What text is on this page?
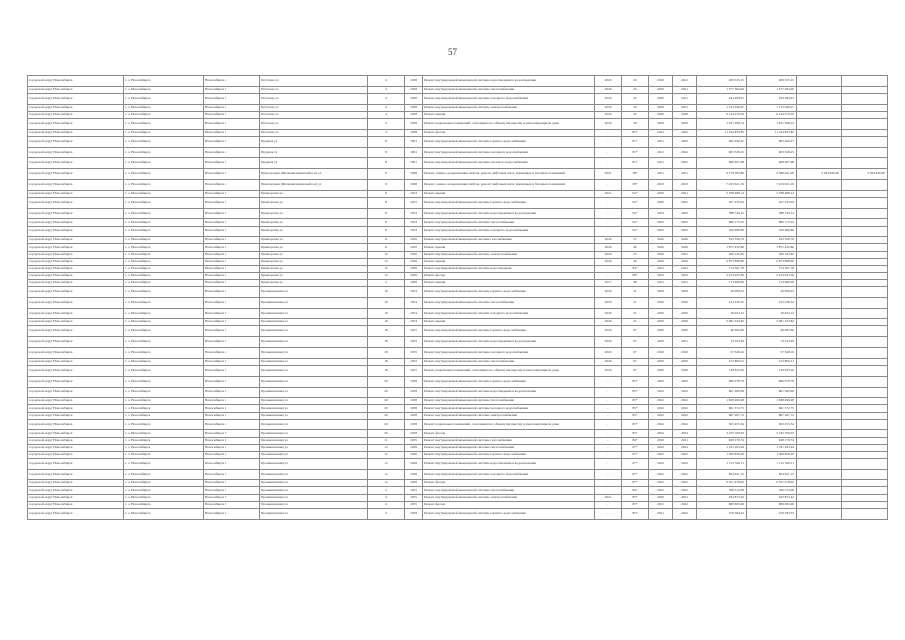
57
городской округ Новосибирск	г. о. Новосибирск	Новосибирск г	Петухова ул	4	1958	Ремонт внутридомовой инженерной системы водоотведения в водоотведения	2020	45	2020	2021	209 535,15	209 535,15		
городской округ Новосибирск	г. о. Новосибирск	Новосибирск г	Петухова ул	4	1958	Ремонт внутридомовой инженерной системы теплоснабжения	2020	45	2020	2021	1 577 364,00	1 577 364,00		
городской округ Новосибирск	г. о. Новосибирск	Новосибирск г	Петухова ул	4	1958	Ремонт внутридомовой инженерной системы холодного водоснабжения	2020	45	2020	2021	434 284,01	434 284,01		
городской округ Новосибирск	г. о. Новосибирск	Новосибирск г	Петухова ул	4	1958	Ремонт внутридомовой инженерной системы электроснабжения	2020	45	2020	2021	1 135 046,07	1 135 046,07		
городской округ Новосибирск	г. о. Новосибирск	Новосибирск г	Петухова ул	4	1958	Ремонт крыши	2020	45	2020	2026	6 144 279,16	6 144 279,16		
городской округ Новосибирск	г. о. Новосибирск	Новосибирск г	Петухова ул	4	1958	Ремонт подвальных помещений, относящихся к общему имуществу в многоквартирном доме	2020	39	2020	2026	1 811 598,14	1 811 598,14		
городской округ Новосибирск	г. о. Новосибирск	Новосибирск г	Петухова ул	4	1958	Ремонт фасада	-	85*	2021	2022	11 194 833,85	11 194 833,85		
городской округ Новосибирск	г. о. Новосибирск	Новосибирск г	Прудная ул	8	1961	Ремонт внутридомовой инженерной системы горячего водоснабжения	-	81*	2021	2022	962 490,47	962 490,47		
городской округ Новосибирск	г. о. Новосибирск	Новосибирск г	Прудная ул	8	1961	Ремонт внутридомовой инженерной системы холодного водоснабжения	-	81*	2021	2022	603 528,25	603 528,25		
городской округ Новосибирск	г. о. Новосибирск	Новосибирск г	Прудная ул	8	1961	Ремонт внутридомовой инженерной системы теплового водоснабжения	-	81*	2021	2022	908 467,98	908 467,98		
городской округ Новосибирск	г. о. Новосибирск	Новосибирск г	Пригородная (Шелковичихинский р-н) ул	6	1998	Ремонт, замена, модернизация лифтов, ремонт лифтовых шахт, машинных и блочных помещений	2021	38*	2021	2021	9 179 283,80	4 589 641,90	2 294 820,90	2 294 820,90
городской округ Новосибирск	г. о. Новосибирск	Новосибирск г	Пригородная (Шелковичихинский р-н) ул	6	1998	Ремонт, замена, модернизация лифтов, ремонт лифтовых шахт, машинных и блочных помещений	-	38*	2023	2023	7 223 621,19	7 223 621,19		
городской округ Новосибирск	г. о. Новосибирск	Новосибирск г	Приморская ул	8	1953	Ремонт крыши	2021	92*	2020	2021	2 798 488,14	2 798 488,14		
городской округ Новосибирск	г. о. Новосибирск	Новосибирск г	Приморская ул	8	1953	Ремонт внутридомовой инженерной системы горячего водоснабжения	-	92*	2020	2022	207 235,04	207 235,04		
городской округ Новосибирск	г. о. Новосибирск	Новосибирск г	Приморская ул	8	1953	Ремонт внутридомовой инженерной системы водоотведения в водоотведения	-	92*	2023	2022	388 749,12	388 749,12		
городской округ Новосибирск	г. о. Новосибирск	Новосибирск г	Приморская ул	8	1953	Ремонт внутридомовой инженерной системы теплоснабжения	-	92*	2022	2022	880 175,55	880 175,55		
городской округ Новосибирск	г. о. Новосибирск	Новосибирск г	Приморская ул	8	1953	Ремонт внутридомовой инженерной системы холодного водоснабжения	-	92*	2022	2022	320 486,89	320 486,89		
городской округ Новосибирск	г. о. Новосибирск	Новосибирск г	Приморская ул	11	1956	Ремонт внутридомовой инженерной системы газоснабжения	2020	37	2020	2026	193 326,76	193 326,76		
городской округ Новосибирск	г. о. Новосибирск	Новосибирск г	Приморская ул	11	1956	Ремонт крыши	2020	40	2020	2026	1 871 432,86	1 871 432,86		
городской округ Новосибирск	г. о. Новосибирск	Новосибирск г	Приморская ул	12	1956	Ремонт внутридомовой инженерной системы электроснабжения	2020	25	2020	2021	290 142,65	290 142,65		
городской округ Новосибирск	г. о. Новосибирск	Новосибирск г	Приморская ул	12	1956	Ремонт крыши	2020	40	2020	2026	2 873 898,90	2 873 898,90		
городской округ Новосибирск	г. о. Новосибирск	Новосибирск г	Приморская ул	12	1956	Ремонт внутридомовой инженерной системы водоотведения	-	84*	2023	2021	714 301,78	714 301,78		
городской округ Новосибирск	г. о. Новосибирск	Новосибирск г	Приморская ул	12	1956	Ремонт фасада	-	68*	2022	2022	2 474 023,36	2 474 023,36		
городской округ Новосибирск	г. о. Новосибирск	Новосибирск г	Приморская ул	2	1969	Ремонт крыши	2017	48	2021	2021	713 690,00	713 690,00		
городской округ Новосибирск	г. о. Новосибирск	Новосибирск г	Промышленная ул	10	1954	Ремонт внутридомовой инженерной системы горячего водоснабжения	2020	21	2020	2020	26 998,22	26 998,22		
городской округ Новосибирск	г. о. Новосибирск	Новосибирск г	Промышленная ул	10	1954	Ремонт внутридомовой инженерной системы теплоснабжения	2020	21	2020	2020	212 236,32	212 236,32		
городской округ Новосибирск	г. о. Новосибирск	Новосибирск г	Промышленная ул	10	1954	Ремонт внутридомовой инженерной системы холодного водоснабжения	2020	21	2020	2020	16 922,12	16 922,12		
городской округ Новосибирск	г. о. Новосибирск	Новосибирск г	Промышленная ул	10	1954	Ремонт крыши	2020	21	2020	2026	2 091 343,82	2 091 343,82		
городской округ Новосибирск	г. о. Новосибирск	Новосибирск г	Промышленная ул	18	1955	Ремонт внутридомовой инженерной системы горячего водоснабжения	2020	67	2020	2020	46 692,60	46 692,60		
городской округ Новосибирск	г. о. Новосибирск	Новосибирск г	Промышленная ул	18	1955	Ремонт внутридомовой инженерной системы водоотведения в водоотведения	2020	67	2020	2021	74 163,46	74 163,46		
городской округ Новосибирск	г. о. Новосибирск	Новосибирск г	Промышленная ул	18	1955	Ремонт внутридомовой инженерной системы холодного водоснабжения	2020	67	2020	2020	57 348,16	57 348,16		
городской округ Новосибирск	г. о. Новосибирск	Новосибирск г	Промышленная ул	18	1955	Ремонт внутридомовой инженерной системы теплоснабжения	2020	67	2020	2020	123 865,01	123 865,01		
городской округ Новосибирск	г. о. Новосибирск	Новосибирск г	Промышленная ул	18	1955	Ремонт подвальных помещений, относящихся к общему имуществу в многоквартирном доме	2020	67	2020	2026	139 635,26	139 635,26		
городской округ Новосибирск	г. о. Новосибирск	Новосибирск г	Промышленная ул	20	1958	Ремонт внутридомовой инженерной системы горячего водоснабжения	-	85*	2022	2022	966 078,76	966 078,76		
городской округ Новосибирск	г. о. Новосибирск	Новосибирск г	Промышленная ул	20	1958	Ремонт внутридомовой инженерной системы водоотведения в водоотведения	-	85*	2022	2022	661 282,99	661 282,99		
городской округ Новосибирск	г. о. Новосибирск	Новосибирск г	Промышленная ул	20	1958	Ремонт внутридомовой инженерной системы теплоснабжения	-	85*	2022	2022	1 638 490,28	1 638 490,28		
городской округ Новосибирск	г. о. Новосибирск	Новосибирск г	Промышленная ул	20	1958	Ремонт внутридомовой инженерной системы холодного водоснабжения	-	85*	2022	2022	661 572,75	661 572,75		
городской округ Новосибирск	г. о. Новосибирск	Новосибирск г	Промышленная ул	20	1958	Ремонт внутридомовой инженерной системы электроснабжения	-	85*	2022	2022	867 267,72	867 267,72		
городской округ Новосибирск	г. о. Новосибирск	Новосибирск г	Промышленная ул	20	1958	Ремонт подвальных помещений, относящихся к общему имуществу в многоквартирном доме	-	85*	2022	2022	303 455,34	303 455,34		
городской округ Новосибирск	г. о. Новосибирск	Новосибирск г	Промышленная ул	20	1958	Ремонт фасада	-	85*	2022	2022	3 235 709,93	3 235 709,93		
городской округ Новосибирск	г. о. Новосибирск	Новосибирск г	Промышленная ул	11	1955	Ремонт внутридомовой инженерной системы газоснабжения	-	84*	2020	2021	628 170,74	628 170,74		
городской округ Новосибирск	г. о. Новосибирск	Новосибирск г	Промышленная ул	1а	1949	Ремонт внутридомовой инженерной системы теплоснабжения	-	97*	2022	2022	1 331 263,94	1 331 263,94		
городской округ Новосибирск	г. о. Новосибирск	Новосибирск г	Промышленная ул	1а	1949	Ремонт внутридомовой инженерной системы горячего водоснабжения	-	97*	2022	2022	1 309 836,29	1 309 836,29		
городской округ Новосибирск	г. о. Новосибирск	Новосибирск г	Промышленная ул	1а	1949	Ремонт внутридомовой инженерной системы водоотведения в водоотведения	-	97*	2022	2022	1 115 326,11	1 115 326,11		
городской округ Новосибирск	г. о. Новосибирск	Новосибирск г	Промышленная ул	1а	1949	Ремонт внутридомовой инженерной системы холодного водоснабжения	-	97*	2022	2022	854 631,12	854 631,12		
городской округ Новосибирск	г. о. Новосибирск	Новосибирск г	Промышленная ул	1а	1949	Ремонт фасада	-	97*	2022	2022	9 351 478,92	9 351 478,92		
городской округ Новосибирск	г. о. Новосибирск	Новосибирск г	Промышленная ул	2	1955	Ремонт внутридомовой инженерной системы теплоснабжения	-	84*	2022	2022	796 512,08	796 512,08		
городской округ Новосибирск	г. о. Новосибирск	Новосибирск г	Промышленная ул	2	1955	Ремонт внутридомовой инженерной системы электроснабжения	2021	85*	2020	2021	243 873,42	243 873,42		
городской округ Новосибирск	г. о. Новосибирск	Новосибирск г	Промышленная ул	2	1955	Ремонт фасада	-	85*	2021	2022	689 695,96	689 695,96		
городской округ Новосибирск	г. о. Новосибирск	Новосибирск г	Промышленная ул	3	1958	Ремонт внутридомовой инженерной системы горячего водоснабжения	-	85*	2021	2022	476 584,55	476 584,55		
